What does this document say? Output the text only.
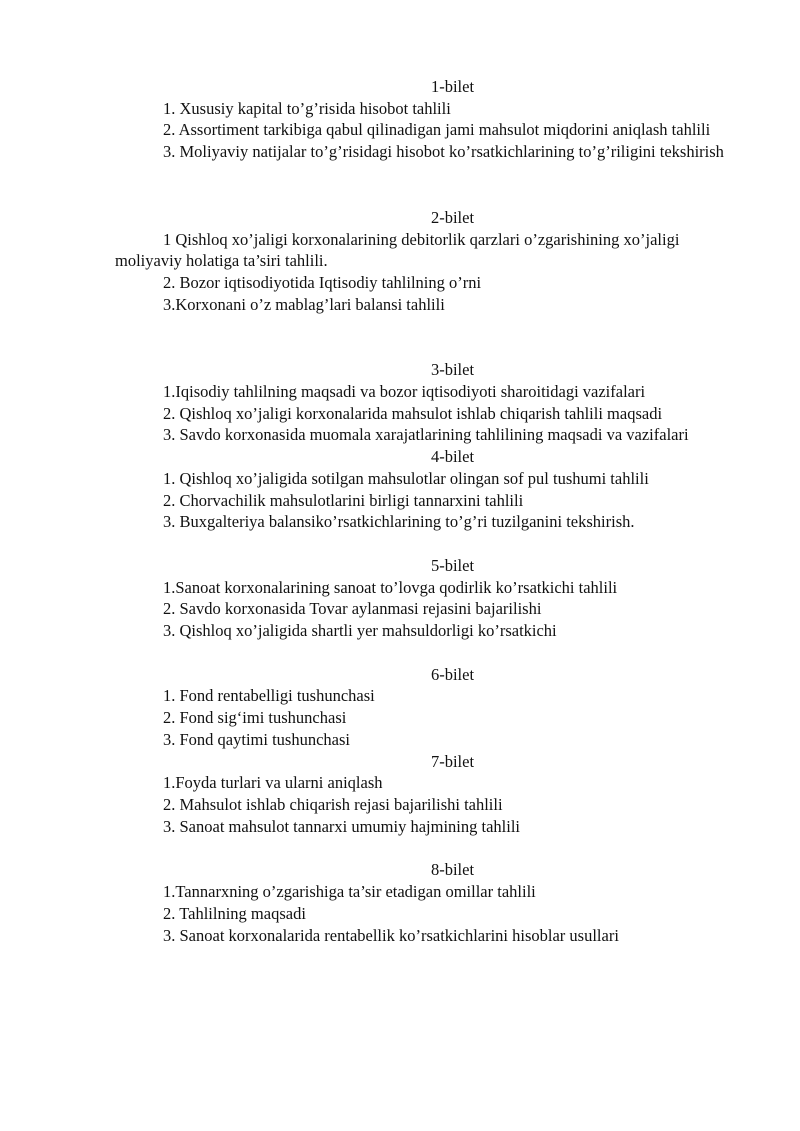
1-bilet

1. Xususiy kapital to’g’risida hisobot tahlili

2. Assortiment tarkibiga qabul qilinadigan jami mahsulot miqdorini aniqlash tahlili

3. Moliyaviy natijalar to’g’risidagi hisobot ko’rsatkichlarining to’g’riligini tekshirish

2-bilet

1 Qishloq xo’jaligi korxonalarining debitorlik qarzlari o’zgarishining xo’jaligi moliyaviy holatiga ta’siri tahlili.

2. Bozor iqtisodiyotida Iqtisodiy tahlilning o’rni

3.Korxonani o’z mablag’lari balansi tahlili

3-bilet

1.Iqisodiy tahlilning maqsadi va bozor iqtisodiyoti sharoitidagi vazifalari

2. Qishloq xo’jaligi korxonalarida mahsulot ishlab chiqarish tahlili maqsadi

3. Savdo korxonasida muomala xarajatlarining tahlilining maqsadi va vazifalari

4-bilet

1. Qishloq xo’jaligida sotilgan mahsulotlar olingan sof pul tushumi tahlili

2. Chorvachilik mahsulotlarini birligi tannarxini tahlili

3. Buxgalteriya balansiko’rsatkichlarining to’g’ri tuzilganini tekshirish.

5-bilet

1.Sanoat korxonalarining sanoat to’lovga qodirlik ko’rsatkichi tahlili

2. Savdo korxonasida Tovar aylanmasi rejasini bajarilishi

3. Qishloq xo’jaligida shartli yer mahsuldorligi ko’rsatkichi

6-bilet

1. Fond rentabelligi tushunchasi

2. Fond sig‘imi tushunchasi

3. Fond qaytimi tushunchasi

7-bilet

1.Foyda turlari va ularni aniqlash

2. Mahsulot ishlab chiqarish rejasi bajarilishi tahlili

3. Sanoat mahsulot tannarxi umumiy hajmining tahlili

8-bilet

1.Tannarxning o’zgarishiga ta’sir etadigan omillar tahlili

2. Tahlilning maqsadi

3. Sanoat korxonalarida rentabellik ko’rsatkichlarini hisoblar usullari
